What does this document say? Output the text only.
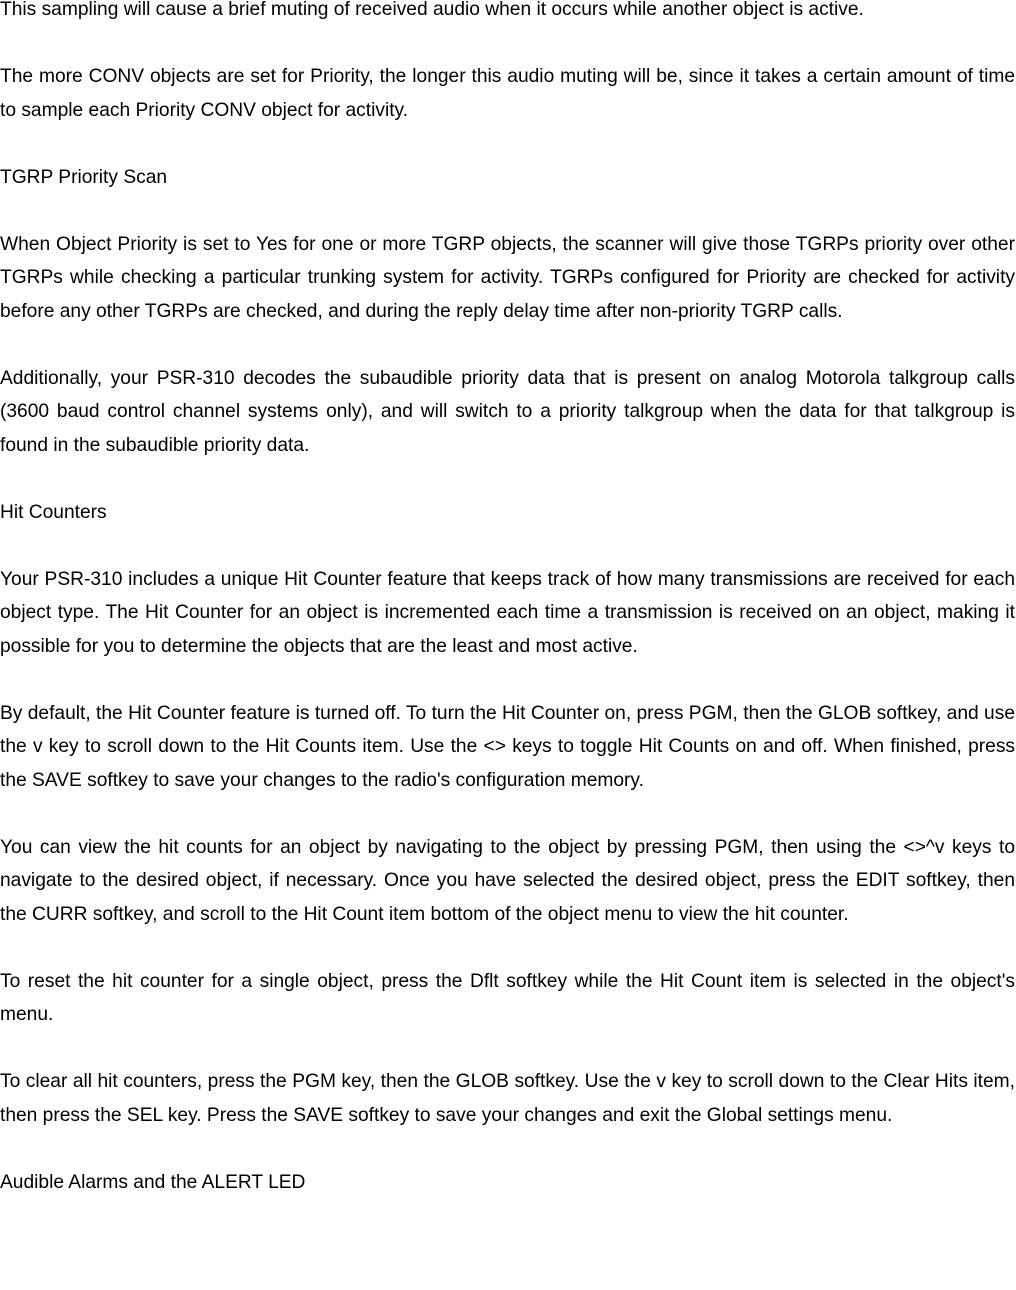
This sampling will cause a brief muting of received audio when it occurs while another object is active.

The more CONV objects are set for Priority, the longer this audio muting will be, since it takes a certain amount of time to sample each Priority CONV object for activity.

TGRP Priority Scan

When Object Priority is set to Yes for one or more TGRP objects, the scanner will give those TGRPs priority over other TGRPs while checking a particular trunking system for activity. TGRPs configured for Priority are checked for activity before any other TGRPs are checked, and during the reply delay time after non-priority TGRP calls.

Additionally, your PSR-310 decodes the subaudible priority data that is present on analog Motorola talkgroup calls (3600 baud control channel systems only), and will switch to a priority talkgroup when the data for that talkgroup is found in the subaudible priority data.

Hit Counters

Your PSR-310 includes a unique Hit Counter feature that keeps track of how many transmissions are received for each object type. The Hit Counter for an object is incremented each time a transmission is received on an object, making it possible for you to determine the objects that are the least and most active.

By default, the Hit Counter feature is turned off. To turn the Hit Counter on, press PGM, then the GLOB softkey, and use the v key to scroll down to the Hit Counts item. Use the <> keys to toggle Hit Counts on and off. When finished, press the SAVE softkey to save your changes to the radio's configuration memory.

You can view the hit counts for an object by navigating to the object by pressing PGM, then using the <>^v keys to navigate to the desired object, if necessary. Once you have selected the desired object, press the EDIT softkey, then the CURR softkey, and scroll to the Hit Count item bottom of the object menu to view the hit counter.

To reset the hit counter for a single object, press the Dflt softkey while the Hit Count item is selected in the object's menu.

To clear all hit counters, press the PGM key, then the GLOB softkey. Use the v key to scroll down to the Clear Hits item, then press the SEL key. Press the SAVE softkey to save your changes and exit the Global settings menu.

Audible Alarms and the ALERT LED
